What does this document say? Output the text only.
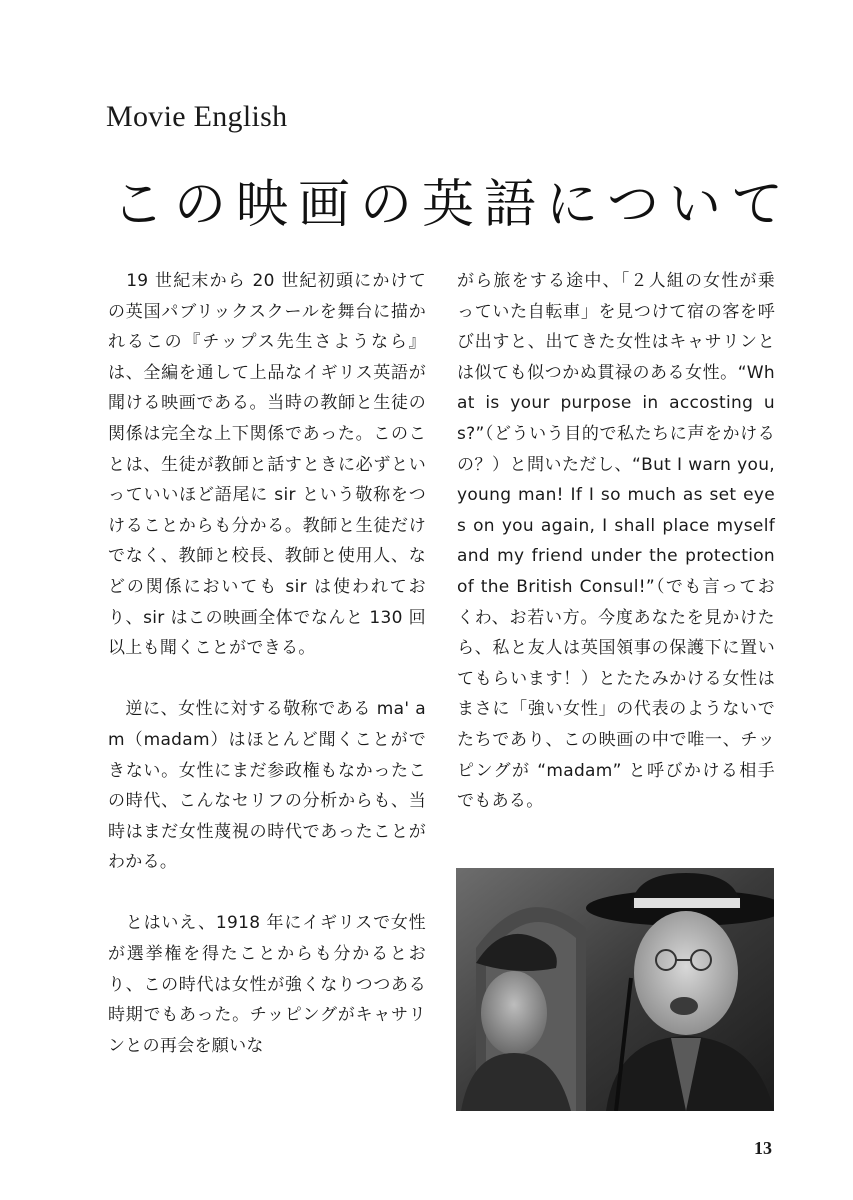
Movie English
この映画の英語について

　19 世紀末から 20 世紀初頭にかけての英国パブリックスクールを舞台に描かれるこの『チップス先生さようなら』は、全編を通して上品なイギリス英語が聞ける映画である。当時の教師と生徒の関係は完全な上下関係であった。このことは、生徒が教師と話すときに必ずといっていいほど語尾に sir という敬称をつけることからも分かる。教師と生徒だけでなく、教師と校長、教師と使用人、などの関係においても sir は使われており、sir はこの映画全体でなんと 130 回以上も聞くことができる。

　逆に、女性に対する敬称である ma' am（madam）はほとんど聞くことができない。女性にまだ参政権もなかったこの時代、こんなセリフの分析からも、当時はまだ女性蔑視の時代であったことがわかる。

　とはいえ、1918 年にイギリスで女性が選挙権を得たことからも分かるとおり、この時代は女性が強くなりつつある時期でもあった。チッピングがキャサリンとの再会を願いな

がら旅をする途中、「２人組の女性が乗っていた自転車」を見つけて宿の客を呼び出すと、出てきた女性はキャサリンとは似ても似つかぬ貫禄のある女性。“What is your purpose in accosting us?”（どういう目的で私たちに声をかけるの？）と問いただし、“But I warn you, young man! If I so much as set eyes on you again, I shall place myself and my friend under the protection of the British Consul!”（でも言っておくわ、お若い方。今度あなたを見かけたら、私と友人は英国領事の保護下に置いてもらいます！）とたたみかける女性はまさに「強い女性」の代表のようないでたちであり、この映画の中で唯一、チッピングが “madam” と呼びかける相手でもある。

13
